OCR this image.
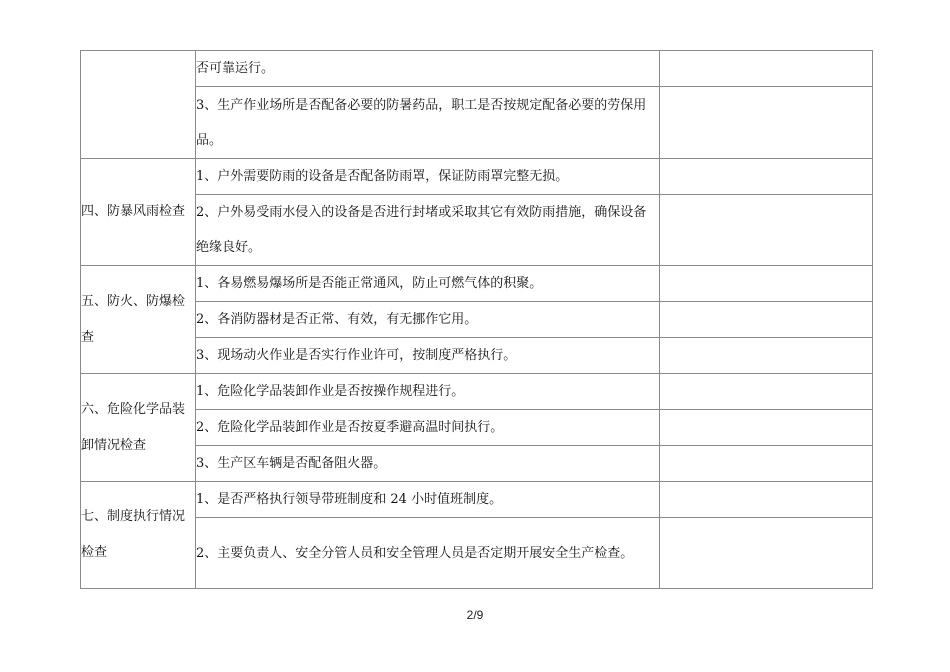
	否可靠运行。	
	3、生产作业场所是否配备必要的防暑药品，职工是否按规定配备必要的劳保用品。	
四、防暴风雨检查	1、户外需要防雨的设备是否配备防雨罩，保证防雨罩完整无损。	
	2、户外易受雨水侵入的设备是否进行封堵或采取其它有效防雨措施，确保设备绝缘良好。	
五、防火、防爆检查	1、各易燃易爆场所是否能正常通风，防止可燃气体的积聚。	
	2、各消防器材是否正常、有效，有无挪作它用。	
	3、现场动火作业是否实行作业许可，按制度严格执行。	
六、危险化学品装卸情况检查	1、危险化学品装卸作业是否按操作规程进行。	
	2、危险化学品装卸作业是否按夏季避高温时间执行。	
	3、生产区车辆是否配备阻火器。	
七、制度执行情况检查	1、是否严格执行领导带班制度和 24 小时值班制度。	
	2、主要负责人、安全分管人员和安全管理人员是否定期开展安全生产检查。	
2/9
